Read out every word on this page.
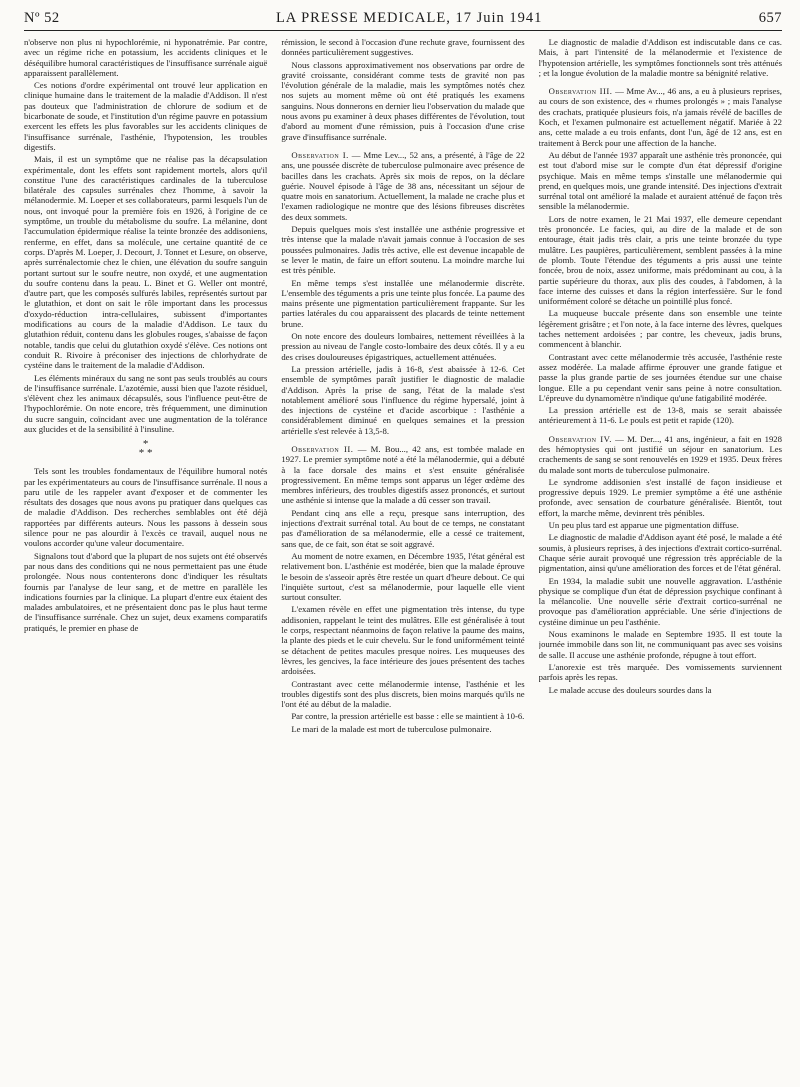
Nº 52	LA PRESSE MEDICALE, 17 Juin 1941	657

n'observe non plus ni hypochlorémie, ni hyponatrémie. Par contre, avec un régime riche en potassium, les accidents cliniques et le déséquilibre humoral caractéristiques de l'insuffisance surrénale aiguë apparaissent parallèlement.

Ces notions d'ordre expérimental ont trouvé leur application en clinique humaine dans le traitement de la maladie d'Addison. Il n'est pas douteux que l'administration de chlorure de sodium et de bicarbonate de soude, et l'institution d'un régime pauvre en potassium exercent les effets les plus favorables sur les accidents cliniques de l'insuffisance surrénale, l'asthénie, l'hypotension, les troubles digestifs.

Mais, il est un symptôme que ne réalise pas la décapsulation expérimentale, dont les effets sont rapidement mortels, alors qu'il constitue l'une des caractéristiques cardinales de la tuberculose bilatérale des capsules surrénales chez l'homme, à savoir la mélanodermie. M. Loeper et ses collaborateurs, parmi lesquels l'un de nous, ont invoqué pour la première fois en 1926, à l'origine de ce symptôme, un trouble du métabolisme du soufre. La mélanine, dont l'accumulation épidermique réalise la teinte bronzée des addisoniens, renferme, en effet, dans sa molécule, une certaine quantité de ce corps. D'après M. Loeper, J. Decourt, J. Tonnet et Lesure, on observe, après surrénalectomie chez le chien, une élévation du soufre sanguin portant surtout sur le soufre neutre, non oxydé, et une augmentation du soufre contenu dans la peau. L. Binet et G. Weller ont montré, d'autre part, que les composés sulfurés labiles, représentés surtout par le glutathion, et dont on sait le rôle important dans les processus d'oxydo-réduction intra-cellulaires, subissent d'importantes modifications au cours de la maladie d'Addison. Le taux du glutathion réduit, contenu dans les globules rouges, s'abaisse de façon notable, tandis que celui du glutathion oxydé s'élève. Ces notions ont conduit R. Rivoire à préconiser des injections de chlorhydrate de cystéine dans le traitement de la maladie d'Addison.

Les éléments minéraux du sang ne sont pas seuls troublés au cours de l'insuffisance surrénale. L'azotémie, aussi bien que l'azote résiduel, s'élèvent chez les animaux décapsulés, sous l'influence peut-être de l'hypochlorémie. On note encore, très fréquemment, une diminution du sucre sanguin, coïncidant avec une augmentation de la tolérance aux glucides et de la sensibilité à l'insuline.

*
* *

Tels sont les troubles fondamentaux de l'équilibre humoral notés par les expérimentateurs au cours de l'insuffisance surrénale. Il nous a paru utile de les rappeler avant d'exposer et de commenter les résultats des dosages que nous avons pu pratiquer dans quelques cas de maladie d'Addison. Des recherches semblables ont été déjà rapportées par différents auteurs. Nous les passons à dessein sous silence pour ne pas alourdir à l'excès ce travail, auquel nous ne voulons accorder qu'une valeur documentaire.

Signalons tout d'abord que la plupart de nos sujets ont été observés par nous dans des conditions qui ne nous permettaient pas une étude prolongée. Nous nous contenterons donc d'indiquer les résultats fournis par l'analyse de leur sang, et de mettre en parallèle les indications fournies par la clinique. La plupart d'entre eux étaient des malades ambulatoires, et ne présentaient donc pas le plus haut terme de l'insuffisance surrénale. Chez un sujet, deux examens comparatifs pratiqués, le premier en phase de

rémission, le second à l'occasion d'une rechute grave, fournissent des données particulièrement suggestives.

Nous classons approximativement nos observations par ordre de gravité croissante, considérant comme tests de gravité non pas l'évolution générale de la maladie, mais les symptômes notés chez nos sujets au moment même où ont été pratiqués les examens sanguins. Nous donnerons en dernier lieu l'observation du malade que nous avons pu examiner à deux phases différentes de l'évolution, tout d'abord au moment d'une rémission, puis à l'occasion d'une crise grave d'insuffisance surrénale.

Observation I. — Mme Lev..., 52 ans, a présenté, à l'âge de 22 ans, une poussée discrète de tuberculose pulmonaire avec présence de bacilles dans les crachats. Après six mois de repos, on la déclare guérie. Nouvel épisode à l'âge de 38 ans, nécessitant un séjour de quatre mois en sanatorium. Actuellement, la malade ne crache plus et l'examen radiologique ne montre que des lésions fibreuses discrètes des deux sommets.

Depuis quelques mois s'est installée une asthénie progressive et très intense que la malade n'avait jamais connue à l'occasion de ses poussées pulmonaires. Jadis très active, elle est devenue incapable de se lever le matin, de faire un effort soutenu. La moindre marche lui est très pénible.

En même temps s'est installée une mélanodermie discrète. L'ensemble des téguments a pris une teinte plus foncée. La paume des mains présente une pigmentation particulièrement frappante. Sur les parties latérales du cou apparaissent des placards de teinte nettement brune.

On note encore des douleurs lombaires, nettement réveillées à la pression au niveau de l'angle costo-lombaire des deux côtés. Il y a eu des crises douloureuses épigastriques, actuellement atténuées.

La pression artérielle, jadis à 16-8, s'est abaissée à 12-6. Cet ensemble de symptômes paraît justifier le diagnostic de maladie d'Addison. Après la prise de sang, l'état de la malade s'est notablement amélioré sous l'influence du régime hypersalé, joint à des injections de cystéine et d'acide ascorbique : l'asthénie a considérablement diminué en quelques semaines et la pression artérielle s'est relevée à 13,5-8.

Observation II. — M. Bou..., 42 ans, est tombée malade en 1927. Le premier symptôme noté a été la mélanodermie, qui a débuté à la face dorsale des mains et s'est ensuite généralisée progressivement. En même temps sont apparus un léger œdème des membres inférieurs, des troubles digestifs assez prononcés, et surtout une asthénie si intense que la malade a dû cesser son travail.

Pendant cinq ans elle a reçu, presque sans interruption, des injections d'extrait surrénal total. Au bout de ce temps, ne constatant pas d'amélioration de sa mélanodermie, elle a cessé ce traitement, sans que, de ce fait, son état se soit aggravé.

Au moment de notre examen, en Décembre 1935, l'état général est relativement bon. L'asthénie est modérée, bien que la malade éprouve le besoin de s'asseoir après être restée un quart d'heure debout. Ce qui l'inquiète surtout, c'est sa mélanodermie, pour laquelle elle vient surtout consulter.

L'examen révèle en effet une pigmentation très intense, du type addisonien, rappelant le teint des mulâtres. Elle est généralisée à tout le corps, respectant néanmoins de façon relative la paume des mains, la plante des pieds et le cuir chevelu. Sur le fond uniformément teinté se détachent de petites macules presque noires. Les muqueuses des lèvres, les gencives, la face intérieure des joues présentent des taches ardoisées.

Contrastant avec cette mélanodermie intense, l'asthénie et les troubles digestifs sont des plus discrets, bien moins marqués qu'ils ne l'ont été au début de la maladie.

Par contre, la pression artérielle est basse : elle se maintient à 10-6.

Le mari de la malade est mort de tuberculose pulmonaire.

Le diagnostic de maladie d'Addison est indiscutable dans ce cas. Mais, à part l'intensité de la mélanodermie et l'existence de l'hypotension artérielle, les symptômes fonctionnels sont très atténués ; et la longue évolution de la maladie montre sa bénignité relative.

Observation III. — Mme Av..., 46 ans, a eu à plusieurs reprises, au cours de son existence, des « rhumes prolongés » ; mais l'analyse des crachats, pratiquée plusieurs fois, n'a jamais révélé de bacilles de Koch, et l'examen pulmonaire est actuellement négatif. Mariée à 22 ans, cette malade a eu trois enfants, dont l'un, âgé de 12 ans, est en traitement à Berck pour une affection de la hanche.

Au début de l'année 1937 apparaît une asthénie très prononcée, qui est tout d'abord mise sur le compte d'un état dépressif d'origine psychique. Mais en même temps s'installe une mélanodermie qui prend, en quelques mois, une grande intensité. Des injections d'extrait surrénal total ont amélioré la malade et auraient atténué de façon très sensible la mélanodermie.

Lors de notre examen, le 21 Mai 1937, elle demeure cependant très prononcée. Le facies, qui, au dire de la malade et de son entourage, était jadis très clair, a pris une teinte bronzée du type mulâtre. Les paupières, particulièrement, semblent passées à la mine de plomb. Toute l'étendue des téguments a pris aussi une teinte foncée, brou de noix, assez uniforme, mais prédominant au cou, à la partie supérieure du thorax, aux plis des coudes, à l'abdomen, à la face interne des cuisses et dans la région interfessière. Sur le fond uniformément coloré se détache un pointillé plus foncé.

La muqueuse buccale présente dans son ensemble une teinte légèrement grisâtre ; et l'on note, à la face interne des lèvres, quelques taches nettement ardoisées ; par contre, les cheveux, jadis bruns, commencent à blanchir.

Contrastant avec cette mélanodermie très accusée, l'asthénie reste assez modérée. La malade affirme éprouver une grande fatigue et passe la plus grande partie de ses journées étendue sur une chaise longue. Elle a pu cependant venir sans peine à notre consultation. L'épreuve du dynamomètre n'indique qu'une fatigabilité modérée.

La pression artérielle est de 13-8, mais se serait abaissée antérieurement à 11-6. Le pouls est petit et rapide (120).

Observation IV. — M. Der..., 41 ans, ingénieur, a fait en 1928 des hémoptysies qui ont justifié un séjour en sanatorium. Les crachements de sang se sont renouvelés en 1929 et 1935. Deux frères du malade sont morts de tuberculose pulmonaire.

Le syndrome addisonien s'est installé de façon insidieuse et progressive depuis 1929. Le premier symptôme a été une asthénie profonde, avec sensation de courbature généralisée. Bientôt, tout effort, la marche même, devinrent très pénibles.

Un peu plus tard est apparue une pigmentation diffuse.

Le diagnostic de maladie d'Addison ayant été posé, le malade a été soumis, à plusieurs reprises, à des injections d'extrait cortico-surrénal. Chaque série aurait provoqué une régression très appréciable de la pigmentation, ainsi qu'une amélioration des forces et de l'état général.

En 1934, la maladie subit une nouvelle aggravation. L'asthénie physique se complique d'un état de dépression psychique confinant à la mélancolie. Une nouvelle série d'extrait cortico-surrénal ne provoque pas d'amélioration appréciable. Une série d'injections de cystéine diminue un peu l'asthénie.

Nous examinons le malade en Septembre 1935. Il est toute la journée immobile dans son lit, ne communiquant pas avec ses voisins de salle. Il accuse une asthénie profonde, répugne à tout effort.

L'anorexie est très marquée. Des vomissements surviennent parfois après les repas.

Le malade accuse des douleurs sourdes dans la
